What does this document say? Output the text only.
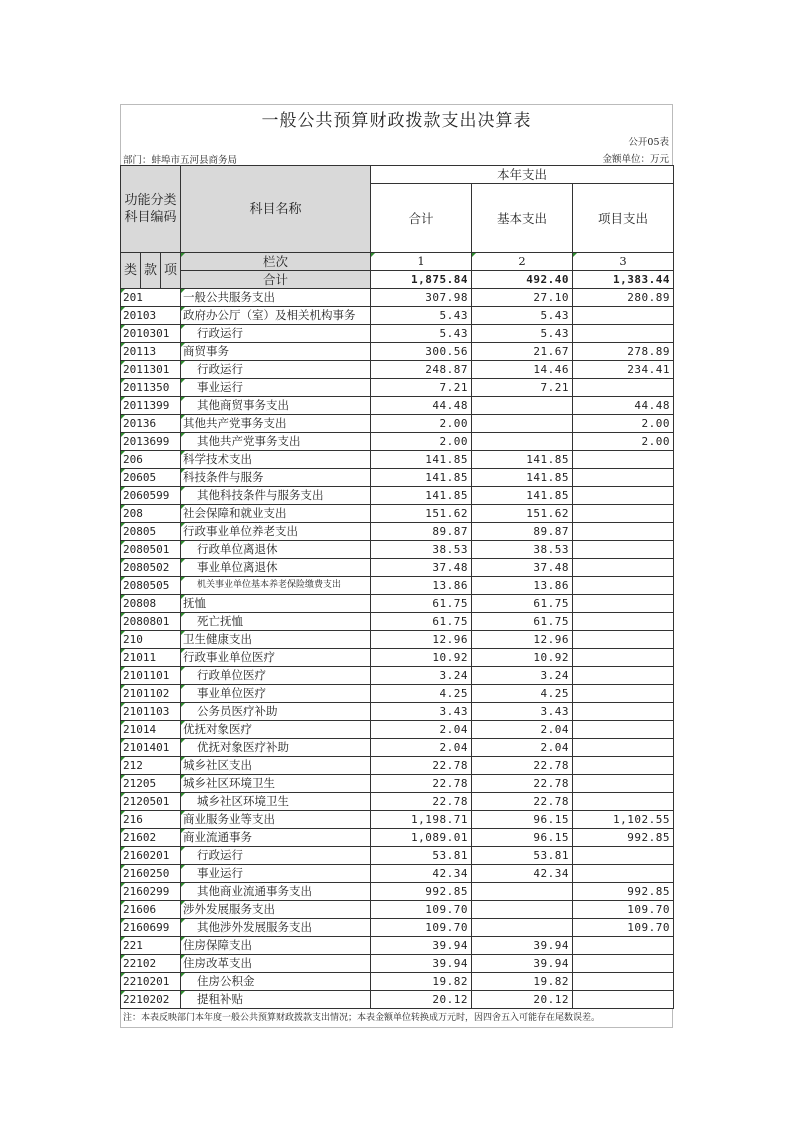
一般公共预算财政拨款支出决算表
公开05表
部门：蚌埠市五河县商务局	金额单位：万元
功能分类科目编码			科目名称	本年支出		
				合计	基本支出	项目支出

类	款	项	栏次	1	2	3
			合计	1,875.84	492.40	1,383.44
201			一般公共服务支出	307.98	27.10	280.89
20103			政府办公厅（室）及相关机构事务	5.43	5.43	
2010301			行政运行	5.43	5.43	
20113			商贸事务	300.56	21.67	278.89
2011301			行政运行	248.87	14.46	234.41
2011350			事业运行	7.21	7.21	
2011399			其他商贸事务支出	44.48		44.48
20136			其他共产党事务支出	2.00		2.00
2013699			其他共产党事务支出	2.00		2.00
206			科学技术支出	141.85	141.85	
20605			科技条件与服务	141.85	141.85	
2060599			其他科技条件与服务支出	141.85	141.85	
208			社会保障和就业支出	151.62	151.62	
20805			行政事业单位养老支出	89.87	89.87	
2080501			行政单位离退休	38.53	38.53	
2080502			事业单位离退休	37.48	37.48	
2080505			机关事业单位基本养老保险缴费支出	13.86	13.86	
20808			抚恤	61.75	61.75	
2080801			死亡抚恤	61.75	61.75	
210			卫生健康支出	12.96	12.96	
21011			行政事业单位医疗	10.92	10.92	
2101101			行政单位医疗	3.24	3.24	
2101102			事业单位医疗	4.25	4.25	
2101103			公务员医疗补助	3.43	3.43	
21014			优抚对象医疗	2.04	2.04	
2101401			优抚对象医疗补助	2.04	2.04	
212			城乡社区支出	22.78	22.78	
21205			城乡社区环境卫生	22.78	22.78	
2120501			城乡社区环境卫生	22.78	22.78	
216			商业服务业等支出	1,198.71	96.15	1,102.55
21602			商业流通事务	1,089.01	96.15	992.85
2160201			行政运行	53.81	53.81	
2160250			事业运行	42.34	42.34	
2160299			其他商业流通事务支出	992.85		992.85
21606			涉外发展服务支出	109.70		109.70
2160699			其他涉外发展服务支出	109.70		109.70
221			住房保障支出	39.94	39.94	
22102			住房改革支出	39.94	39.94	
2210201			住房公积金	19.82	19.82	
2210202			提租补贴	20.12	20.12	
注：本表反映部门本年度一般公共预算财政拨款支出情况；本表金额单位转换成万元时，因四舍五入可能存在尾数误差。
